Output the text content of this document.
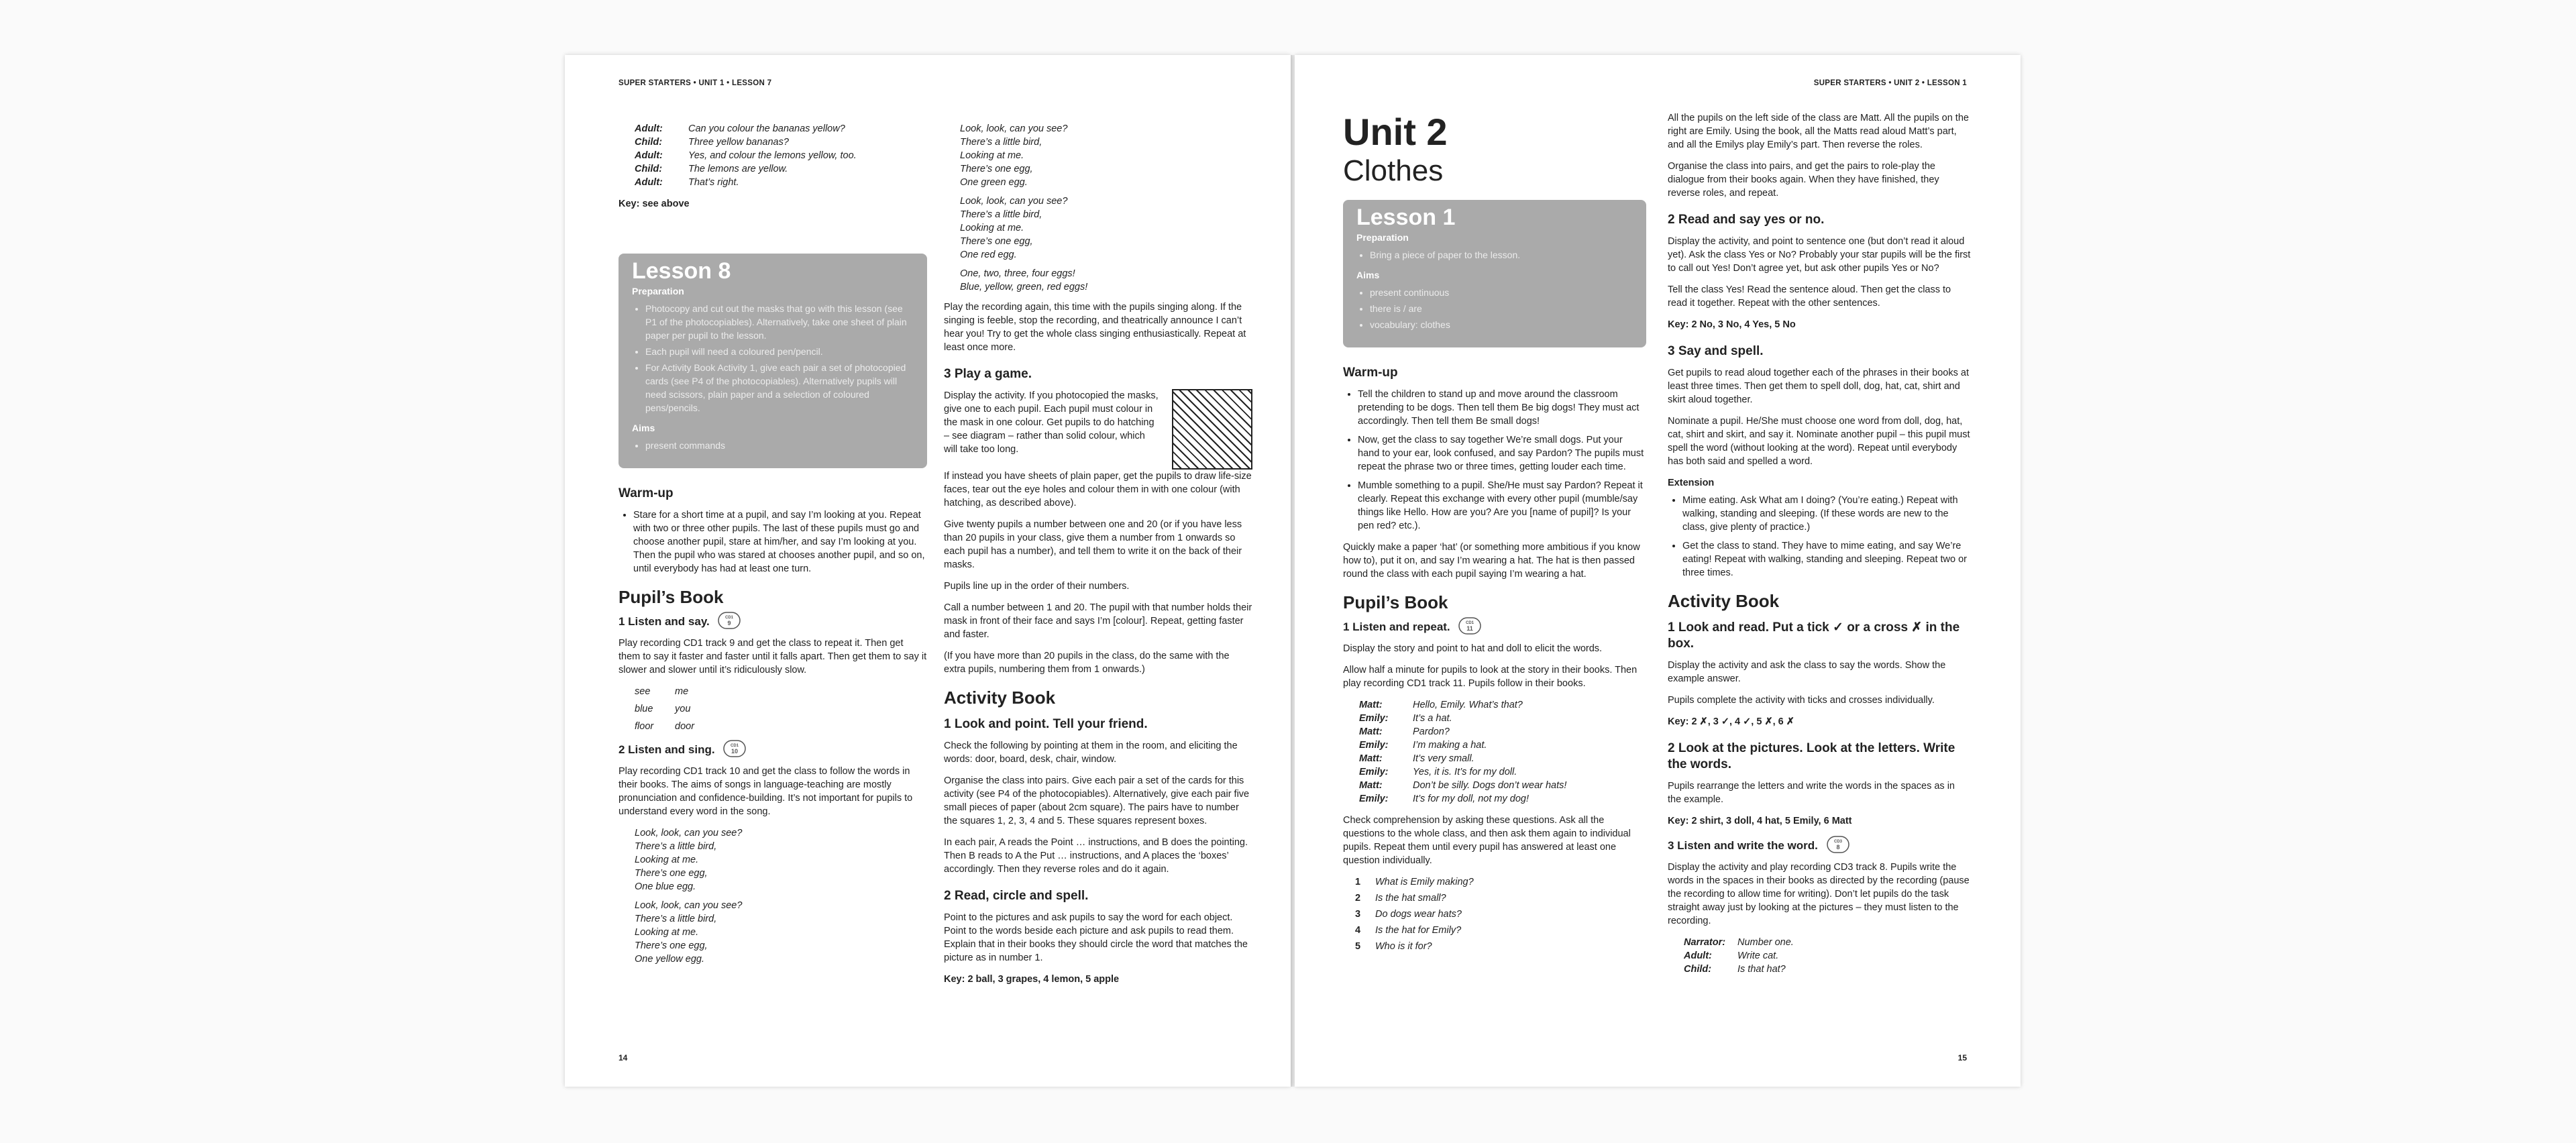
SUPER STARTERS • UNIT 1 • LESSON 7
Adult:	Can you colour the bananas yellow?
Child:	Three yellow bananas?
Adult:	Yes, and colour the lemons yellow, too.
Child:	The lemons are yellow.
Adult:	That’s right.
Key: see above
Lesson 8
Preparation
• Photocopy and cut out the masks that go with this lesson (see P1 of the photocopiables). Alternatively, take one sheet of plain paper per pupil to the lesson.
• Each pupil will need a coloured pen/pencil.
• For Activity Book Activity 1, give each pair a set of photocopied cards (see P4 of the photocopiables). Alternatively pupils will need scissors, plain paper and a selection of coloured pens/pencils.
Aims
• present commands
Warm-up
• Stare for a short time at a pupil, and say I’m looking at you. Repeat with two or three other pupils. The last of these pupils must go and choose another pupil, stare at him/her, and say I’m looking at you. Then the pupil who was stared at chooses another pupil, and so on, until everybody has had at least one turn.
Pupil’s Book
1 Listen and say.	CD1
9

Play recording CD1 track 9 and get the class to repeat it. Then get them to say it faster and faster until it falls apart. Then get them to say it slower and slower until it’s ridiculously slow.

see	me
blue	you
floor	door
2 Listen and sing.	CD1
10

Play recording CD1 track 10 and get the class to follow the words in their books. The aims of songs in language-teaching are mostly pronunciation and confidence-building. It’s not important for pupils to understand every word in the song.

Look, look, can you see?
There’s a little bird,
Looking at me.
There’s one egg,
One blue egg.
Look, look, can you see?
There’s a little bird,
Looking at me.
There’s one egg,
One yellow egg.
Look, look, can you see?
There’s a little bird,
Looking at me.
There’s one egg,
One green egg.
Look, look, can you see?
There’s a little bird,
Looking at me.
There’s one egg,
One red egg.
One, two, three, four eggs!
Blue, yellow, green, red eggs!

Play the recording again, this time with the pupils singing along. If the singing is feeble, stop the recording, and theatrically announce I can’t hear you! Try to get the whole class singing enthusiastically. Repeat at least once more.

3 Play a game.

Display the activity. If you photocopied the masks, give one to each pupil. Each pupil must colour in the mask in one colour. Get pupils to do hatching – see diagram – rather than solid colour, which will take too long.

If instead you have sheets of plain paper, get the pupils to draw life-size faces, tear out the eye holes and colour them in with one colour (with hatching, as described above).

Give twenty pupils a number between one and 20 (or if you have less than 20 pupils in your class, give them a number from 1 onwards so each pupil has a number), and tell them to write it on the back of their masks.

Pupils line up in the order of their numbers.

Call a number between 1 and 20. The pupil with that number holds their mask in front of their face and says I’m [colour]. Repeat, getting faster and faster.

(If you have more than 20 pupils in the class, do the same with the extra pupils, numbering them from 1 onwards.)

Activity Book
1 Look and point. Tell your friend.

Check the following by pointing at them in the room, and eliciting the words: door, board, desk, chair, window.

Organise the class into pairs. Give each pair a set of the cards for this activity (see P4 of the photocopiables). Alternatively, give each pair five small pieces of paper (about 2cm square). The pairs have to number the squares 1, 2, 3, 4 and 5. These squares represent boxes.

In each pair, A reads the Point … instructions, and B does the pointing. Then B reads to A the Put … instructions, and A places the ‘boxes’ accordingly. Then they reverse roles and do it again.

2 Read, circle and spell.

Point to the pictures and ask pupils to say the word for each object. Point to the words beside each picture and ask pupils to read them. Explain that in their books they should circle the word that matches the picture as in number 1.

Key: 2 ball, 3 grapes, 4 lemon, 5 apple
14
SUPER STARTERS • UNIT 2 • LESSON 1
Unit 2
Clothes
Lesson 1
Preparation
• Bring a piece of paper to the lesson.
Aims
• present continuous
• there is / are
• vocabulary: clothes
Warm-up
• Tell the children to stand up and move around the classroom pretending to be dogs. Then tell them Be big dogs! They must act accordingly. Then tell them Be small dogs!
• Now, get the class to say together We’re small dogs. Put your hand to your ear, look confused, and say Pardon? The pupils must repeat the phrase two or three times, getting louder each time.
• Mumble something to a pupil. She/He must say Pardon? Repeat it clearly. Repeat this exchange with every other pupil (mumble/say things like Hello. How are you? Are you [name of pupil]? Is your pen red? etc.).

Quickly make a paper ‘hat’ (or something more ambitious if you know how to), put it on, and say I’m wearing a hat. The hat is then passed round the class with each pupil saying I’m wearing a hat.

Pupil’s Book
1 Listen and repeat.	CD1
11

Display the story and point to hat and doll to elicit the words.

Allow half a minute for pupils to look at the story in their books. Then play recording CD1 track 11. Pupils follow in their books.

Matt:	Hello, Emily. What’s that?
Emily:	It’s a hat.
Matt:	Pardon?
Emily:	I’m making a hat.
Matt:	It’s very small.
Emily:	Yes, it is. It’s for my doll.
Matt:	Don’t be silly. Dogs don’t wear hats!
Emily:	It’s for my doll, not my dog!

Check comprehension by asking these questions. Ask all the questions to the whole class, and then ask them again to individual pupils. Repeat them until every pupil has answered at least one question individually.

1	What is Emily making?
2	Is the hat small?
3	Do dogs wear hats?
4	Is the hat for Emily?
5	Who is it for?

All the pupils on the left side of the class are Matt. All the pupils on the right are Emily. Using the book, all the Matts read aloud Matt’s part, and all the Emilys play Emily’s part. Then reverse the roles.

Organise the class into pairs, and get the pairs to role-play the dialogue from their books again. When they have finished, they reverse roles, and repeat.

2 Read and say yes or no.

Display the activity, and point to sentence one (but don’t read it aloud yet). Ask the class Yes or No? Probably your star pupils will be the first to call out Yes! Don’t agree yet, but ask other pupils Yes or No?

Tell the class Yes! Read the sentence aloud. Then get the class to read it together. Repeat with the other sentences.

Key: 2 No, 3 No, 4 Yes, 5 No
3 Say and spell.

Get pupils to read aloud together each of the phrases in their books at least three times. Then get them to spell doll, dog, hat, cat, shirt and skirt aloud together.

Nominate a pupil. He/She must choose one word from doll, dog, hat, cat, shirt and skirt, and say it. Nominate another pupil – this pupil must spell the word (without looking at the word). Repeat until everybody has both said and spelled a word.

Extension
• Mime eating. Ask What am I doing? (You’re eating.) Repeat with walking, standing and sleeping. (If these words are new to the class, give plenty of practice.)
• Get the class to stand. They have to mime eating, and say We’re eating! Repeat with walking, standing and sleeping. Repeat two or three times.
Activity Book
1 Look and read. Put a tick ✓ or a cross ✗ in the box.

Display the activity and ask the class to say the words. Show the example answer.

Pupils complete the activity with ticks and crosses individually.

Key: 2 ✗, 3 ✓, 4 ✓, 5 ✗, 6 ✗
2 Look at the pictures. Look at the letters. Write the words.

Pupils rearrange the letters and write the words in the spaces as in the example.

Key: 2 shirt, 3 doll, 4 hat, 5 Emily, 6 Matt
3 Listen and write the word.	CD3
8

Display the activity and play recording CD3 track 8. Pupils write the words in the spaces in their books as directed by the recording (pause the recording to allow time for writing). Don’t let pupils do the task straight away just by looking at the pictures – they must listen to the recording.

Narrator:	Number one.
Adult:	Write cat.
Child:	Is that hat?
15
